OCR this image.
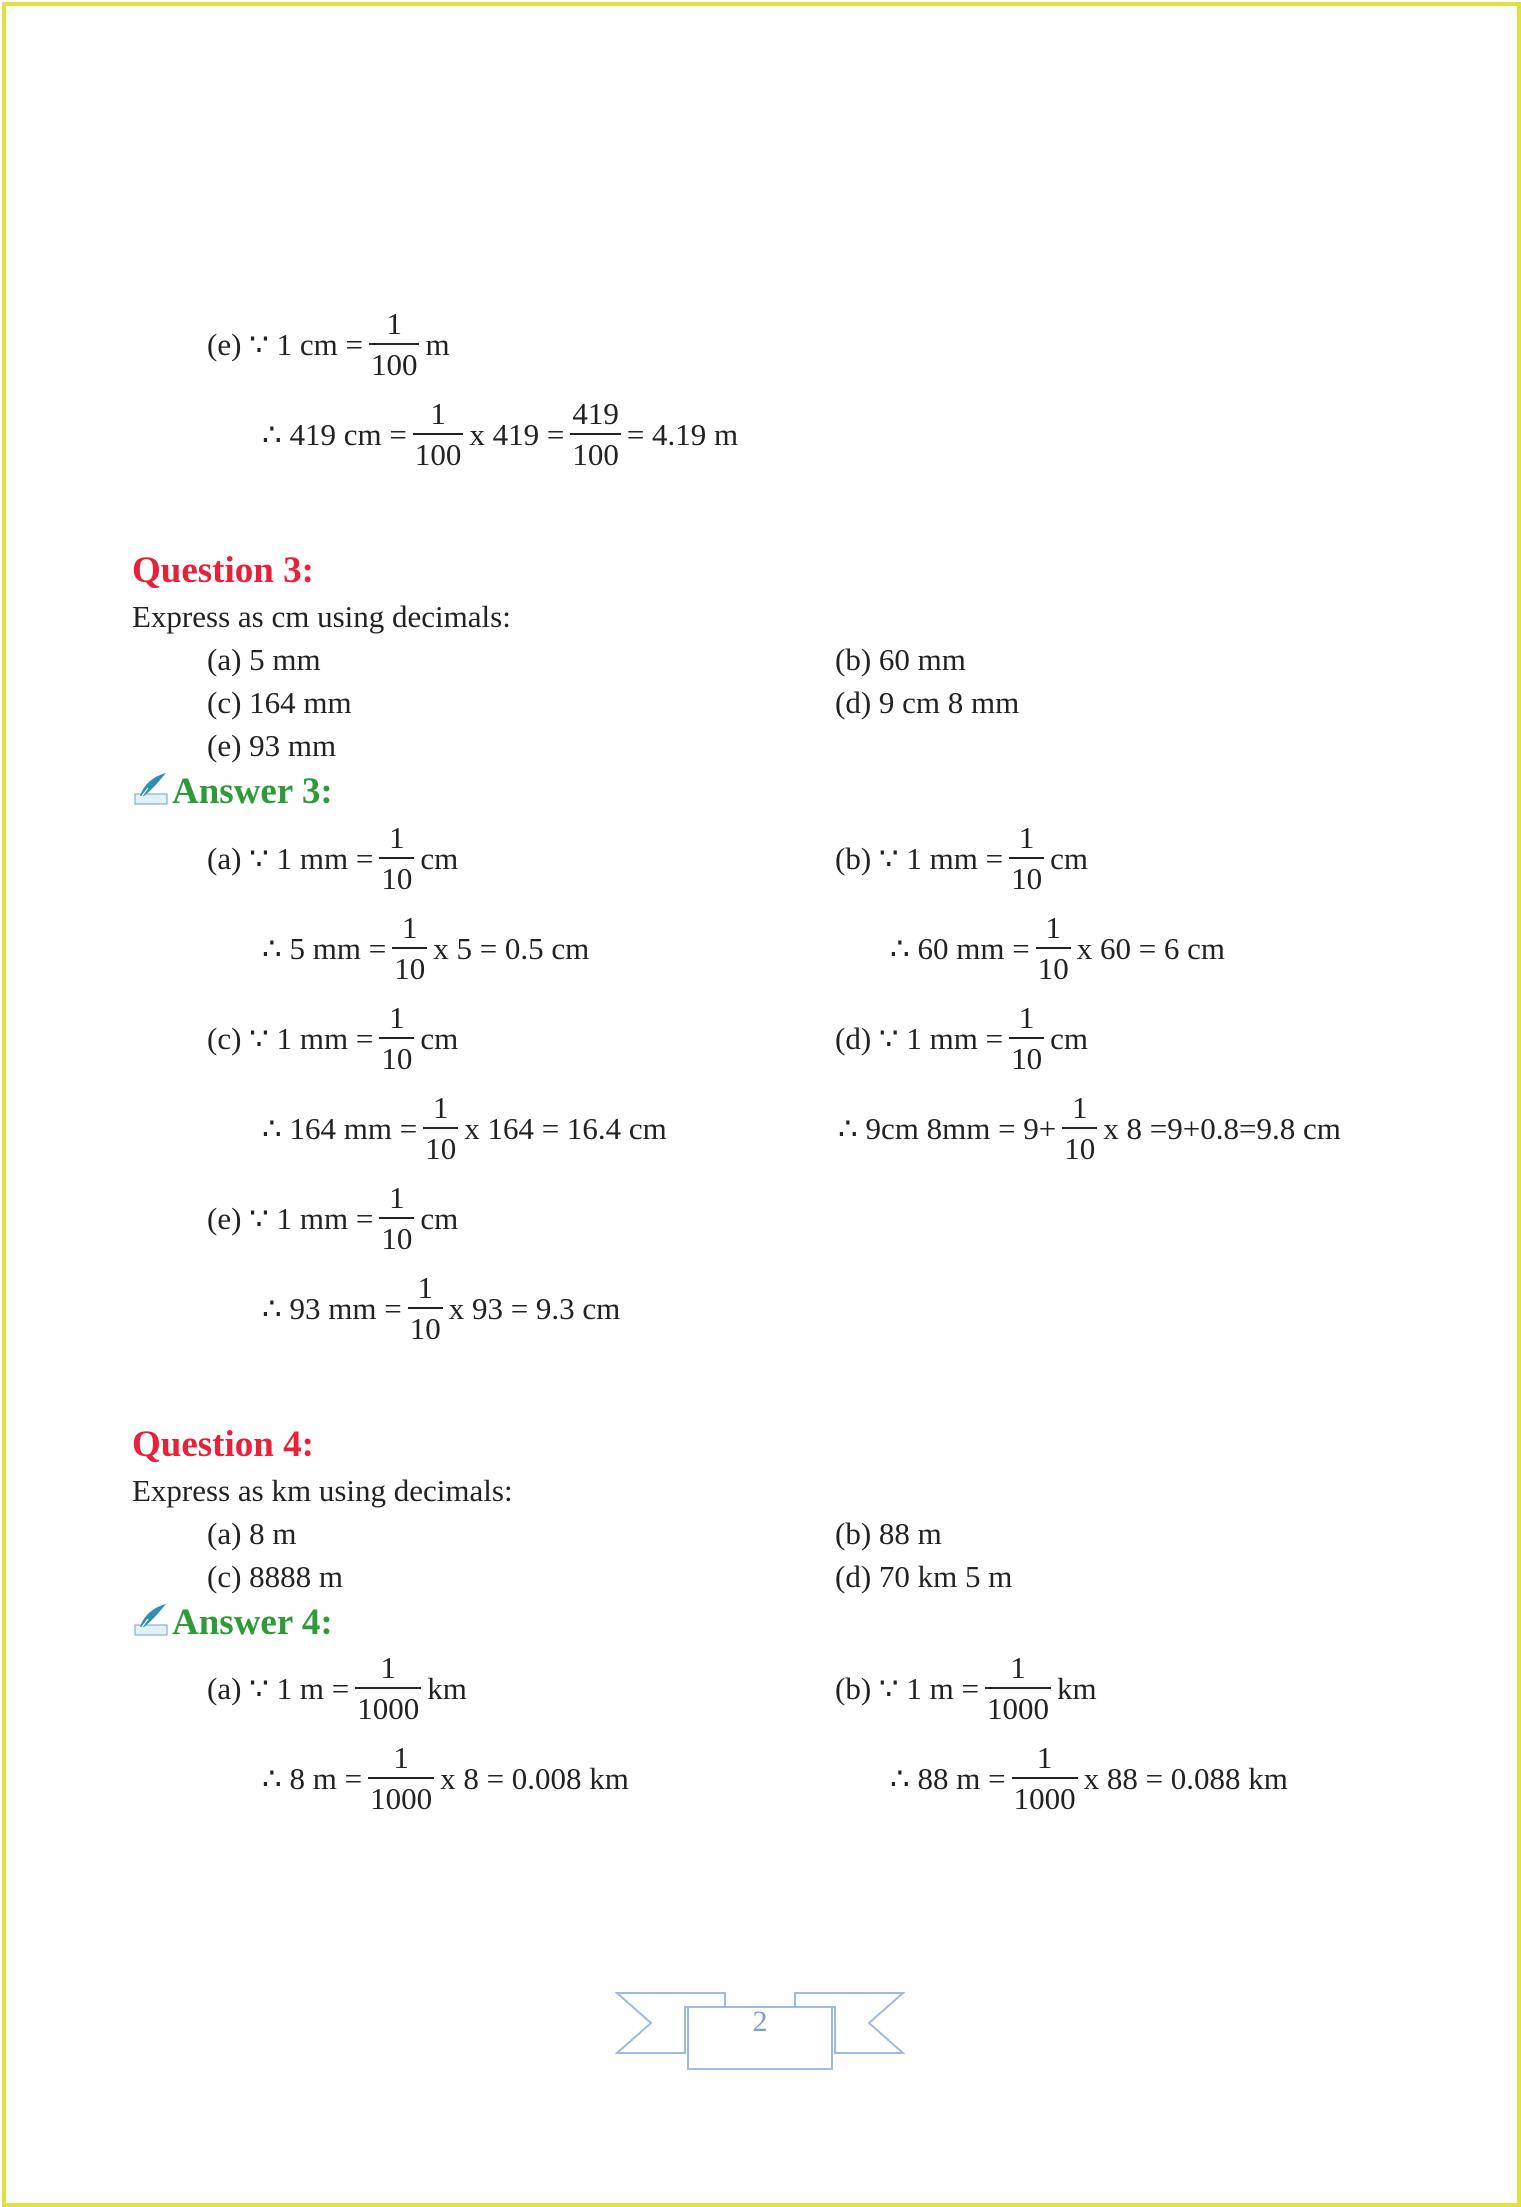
(e) ∵ 1 cm = $\frac{1}{100}$ m
∴ 419 cm = $\frac{1}{100}$ x $419 = \frac{419}{100} = 4.19$ m
Question 3:
Express as cm using decimals:
(a) 5 mm	(b) 60 mm
(c) 164 mm	(d) 9 cm 8 mm
(e) 93 mm
Answer 3:
(a) ∵ 1 mm = $\frac{1}{10}$ cm
∴ 5 mm = $\frac{1}{10}$ x 5 = 0.5 cm
(b) ∵ 1 mm = $\frac{1}{10}$ cm
∴ 60 mm = $\frac{1}{10}$ x 60 = 6 cm
(c) ∵ 1 mm = $\frac{1}{10}$ cm
∴ 164 mm = $\frac{1}{10}$ x 164 = 16.4 cm
(d) ∵ 1 mm = $\frac{1}{10}$ cm
∴ 9cm $8mm = 9+ \frac{1}{10}$ x 8 =9+0.8=9.8 cm
(e) ∵ 1 mm = $\frac{1}{10}$ cm
∴ 93 mm = $\frac{1}{10}$ x 93 = 9.3 cm
Question 4:
Express as km using decimals:
(a) 8 m	(b) 88 m
(c) 8888 m	(d) 70 km 5 m
Answer 4:
(a) ∵ 1 $m = \frac{1}{1000}$ km
∴ 8 $m = \frac{1}{1000}$ x 8 = 0.008 km
(b) ∵ 1 $m = \frac{1}{1000}$ km
∴ 88 $m = \frac{1}{1000}$ x 88 = 0.088 km
2
